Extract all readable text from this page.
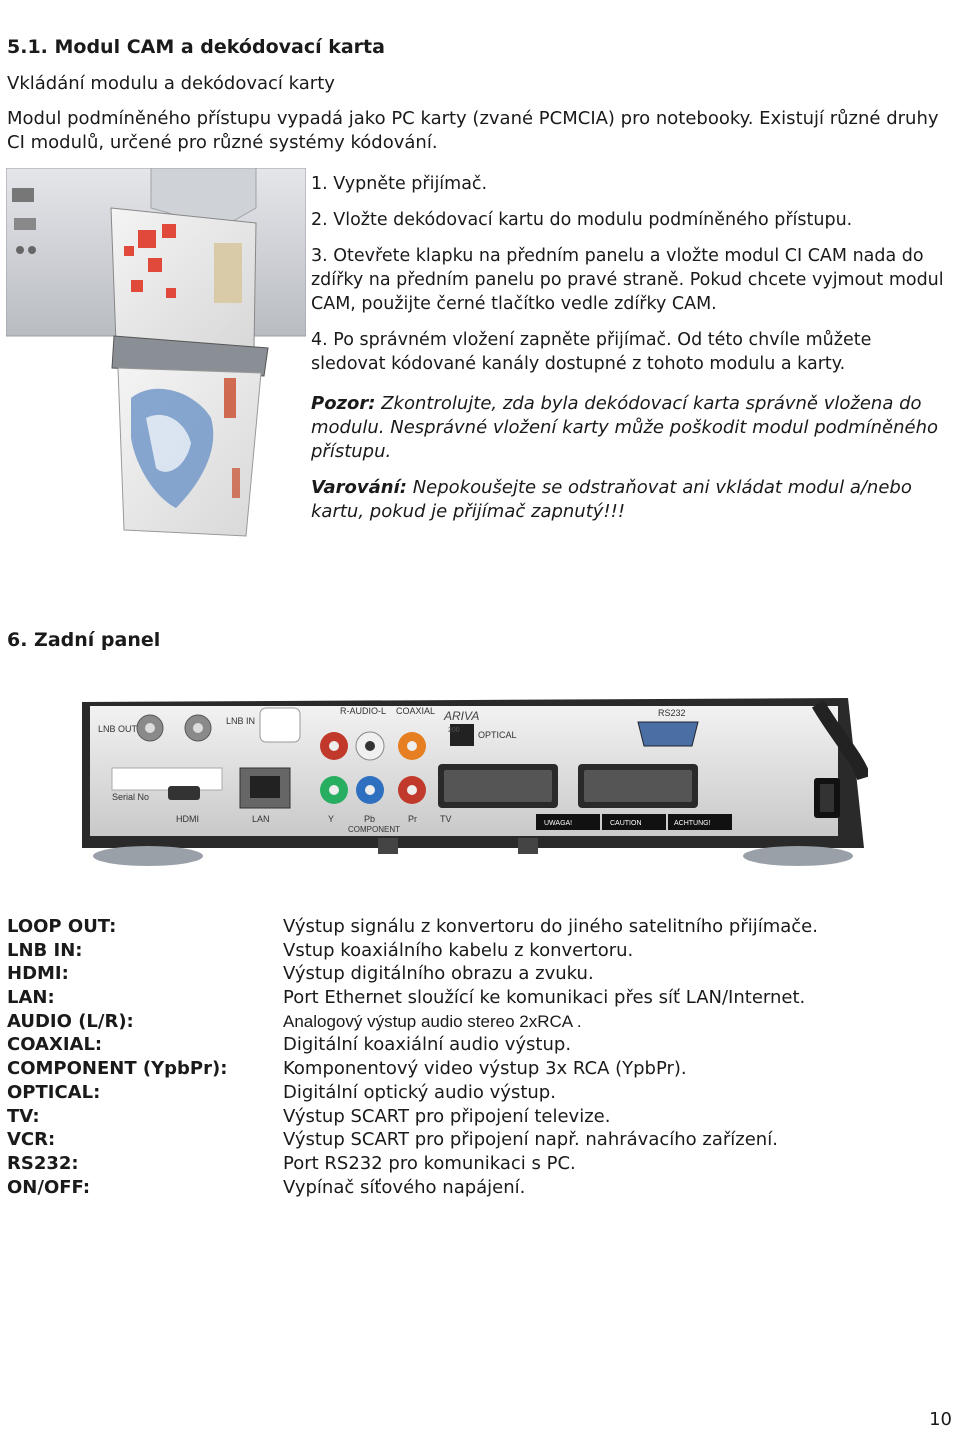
5.1. Modul CAM a dekódovací karta
Vkládání modulu a dekódovací karty
Modul podmíněného přístupu vypadá jako PC karty (zvané PCMCIA) pro notebooky. Existují různé druhy CI modulů, určené pro různé systémy kódování.
1. Vypněte přijímač.
2. Vložte dekódovací kartu do modulu podmíněného přístupu.
3. Otevřete klapku na předním panelu a vložte modul CI CAM nada do zdířky na předním panelu po pravé straně. Pokud chcete vyjmout modul CAM, použijte černé tlačítko vedle zdířky CAM.
4. Po správném vložení zapněte přijímač. Od této chvíle můžete sledovat kódované kanály dostupné z tohoto modulu a karty.
Pozor: Zkontrolujte, zda byla dekódovací karta správně vložena do modulu. Nesprávné vložení karty může poškodit modul podmíněného přístupu.
Varování: Nepokoušejte se odstraňovat ani vkládat modul a/nebo kartu, pokud je přijímač zapnutý!!!
6. Zadní panel
LNB OUT
LNB IN
Serial No
HDMI	LAN
R-AUDIO-L COAXIAL
Y	Pb	Pr
COMPONENT
OPTICAL
ARIVA
200
RS232
TV	UWAGA!	CAUTION	ACHTUNG!
LOOP OUT:	Výstup signálu z konvertoru do jiného satelitního přijímače.
LNB IN:	Vstup koaxiálního kabelu z konvertoru.
HDMI:	Výstup digitálního obrazu a zvuku.
LAN:	Port Ethernet sloužící ke komunikaci přes síť LAN/Internet.
AUDIO (L/R):	Analogový výstup audio stereo 2xRCA .
COAXIAL:	Digitální koaxiální audio výstup.
COMPONENT (YpbPr):	Komponentový video výstup 3x RCA (YpbPr).
OPTICAL:	Digitální optický audio výstup.
TV:	Výstup SCART pro připojení televize.
VCR:	Výstup SCART pro připojení např. nahrávacího zařízení.
RS232:	Port RS232 pro komunikaci s PC.
ON/OFF:	Vypínač síťového napájení.
10
